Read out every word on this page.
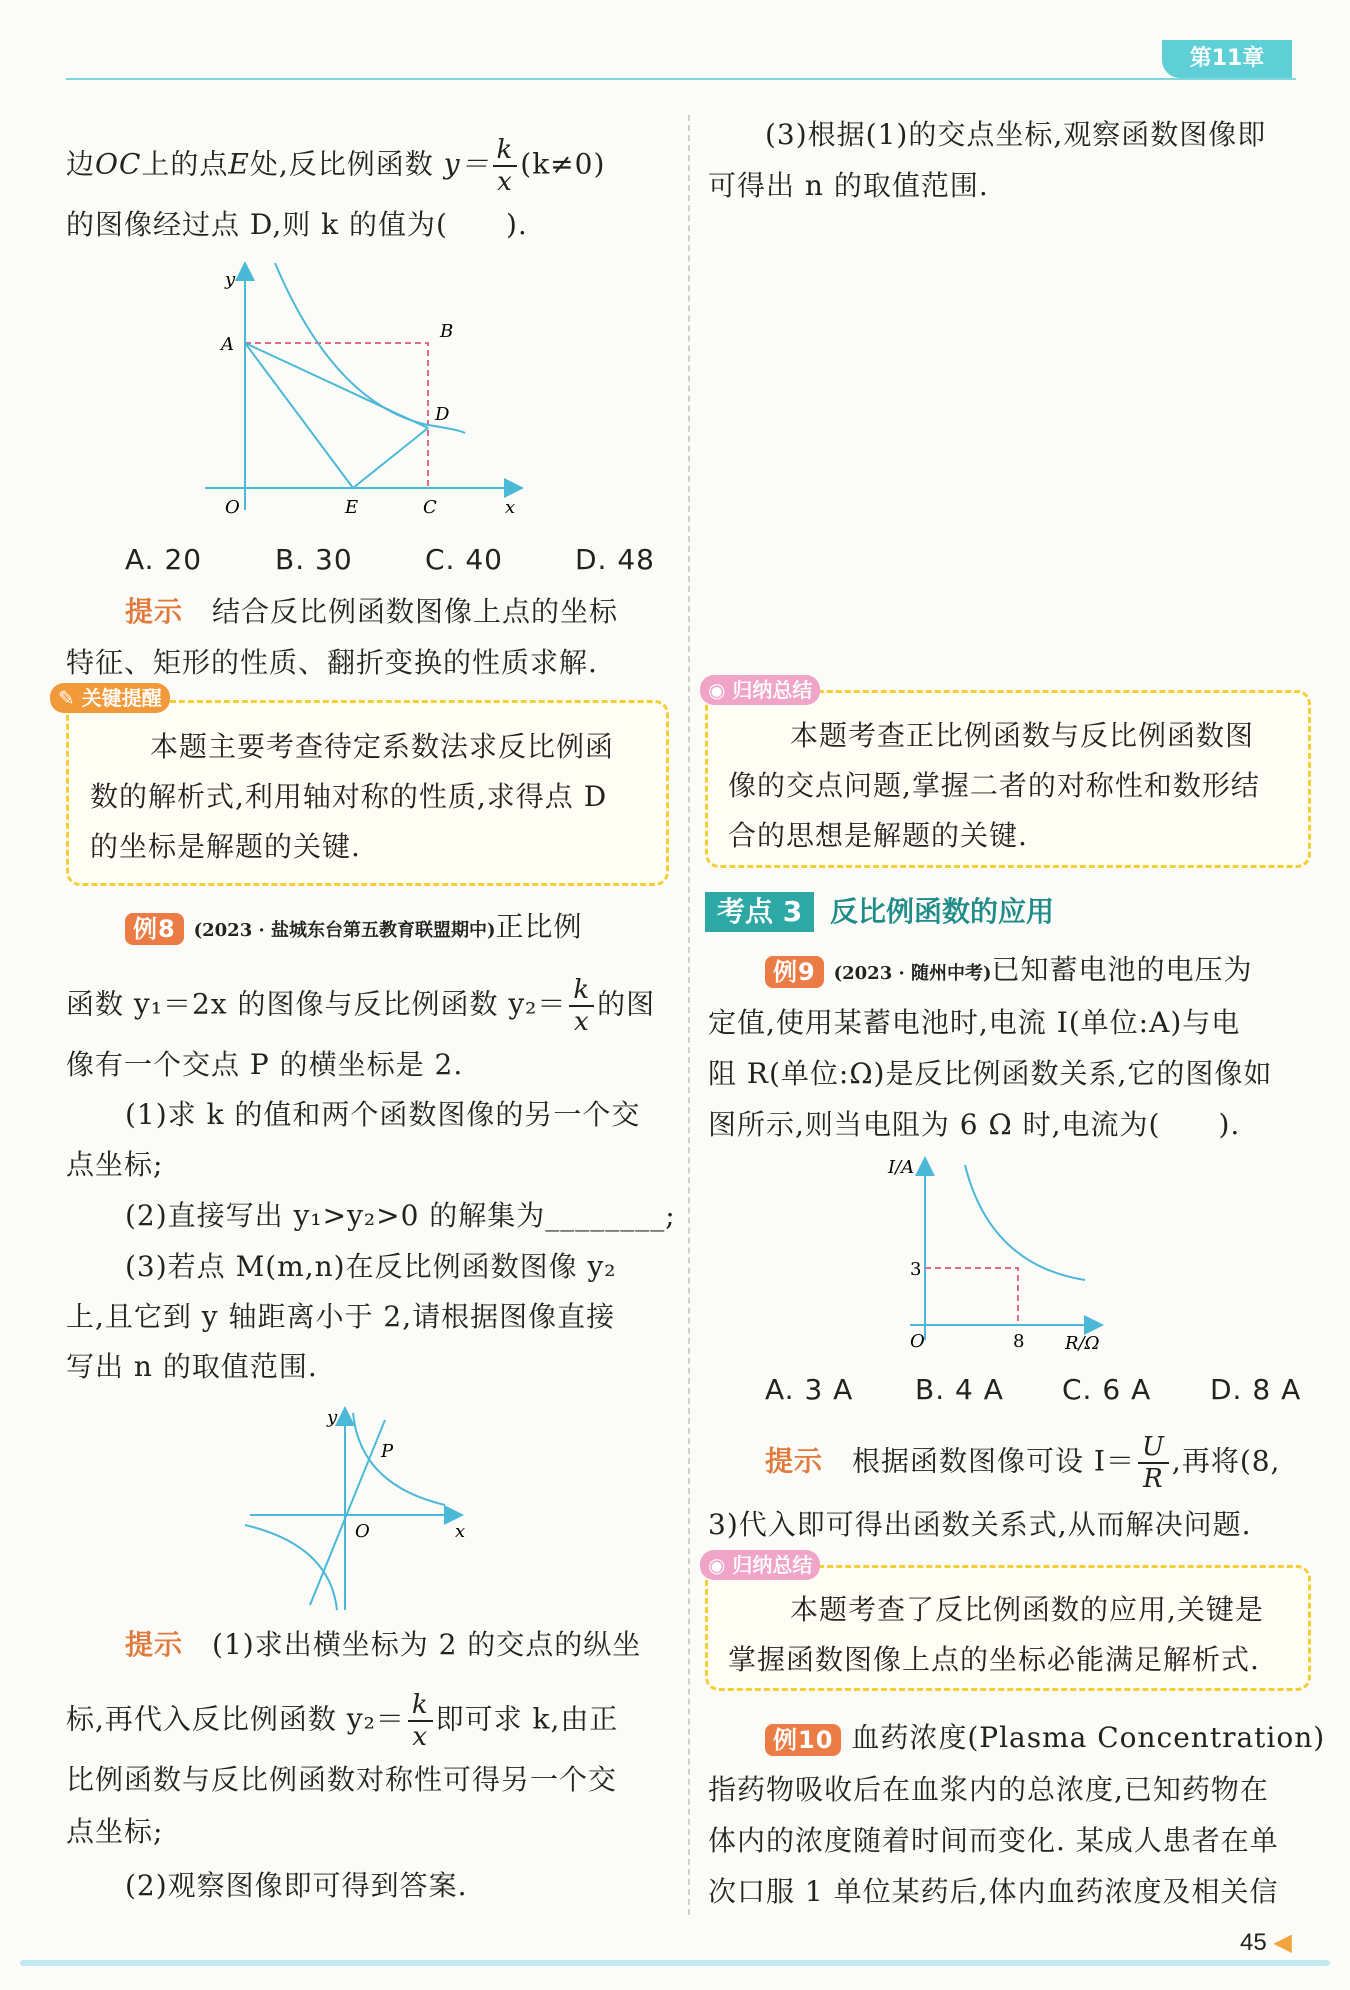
第11章
边OC上的点E处,反比例函数 $y= \frac{k}{x} (k\ne 0)$
的图像经过点 D,则 k 的值为(　　).
y
A
B
D
O	E	C	x
A. 20	B. 30	C. 40	D. 48
提示　 结合反比例函数图像上点的坐标
特征、矩形的性质、翻折变换的性质求解.
✎ 关键提醒
本题主要考查待定系数法求反比例函
数的解析式,利用轴对称的性质,求得点 D
的坐标是解题的关键.
例8 (2023 · 盐城东台第五教育联盟期中)正比例
函数 y₁＝2x 的图像与反比例函数 $y_2= \frac{k}{x}$ 的图
像有一个交点 P 的横坐标是 2.
(1)求 k 的值和两个函数图像的另一个交
点坐标;
(2)直接写出 y₁>y₂>0 的解集为________;
(3)若点 M(m,n)在反比例函数图像 y₂
上,且它到 y 轴距离小于 2,请根据图像直接
写出 n 的取值范围.
y
P
O	x
提示　 (1)求出横坐标为 2 的交点的纵坐
标,再代入反比例函数 $y_2= \frac{k}{x}$ 即可求 k,由正
比例函数与反比例函数对称性可得另一个交
点坐标;
(2)观察图像即可得到答案.
(3)根据(1)的交点坐标,观察函数图像即
可得出 n 的取值范围.
◉ 归纳总结
本题考查正比例函数与反比例函数图
像的交点问题,掌握二者的对称性和数形结
合的思想是解题的关键.
考点 3 反比例函数的应用
例9 (2023 · 随州中考)已知蓄电池的电压为
定值,使用某蓄电池时,电流 I(单位:A)与电
阻 R(单位:Ω)是反比例函数关系,它的图像如
图所示,则当电阻为 6 Ω 时,电流为(　　).
I/A
3
O	8 R/Ω
A. 3 A B. 4 A C. 6 A D. 8 A
提示　 根据函数图像可设 $I= \frac{U}{R}$ ,再将(8,
3)代入即可得出函数关系式,从而解决问题.
◉ 归纳总结
本题考查了反比例函数的应用,关键是
掌握函数图像上点的坐标必能满足解析式.
例10 血药浓度(Plasma Concentration)
指药物吸收后在血浆内的总浓度,已知药物在
体内的浓度随着时间而变化. 某成人患者在单
次口服 1 单位某药后,体内血药浓度及相关信
45 ◀
